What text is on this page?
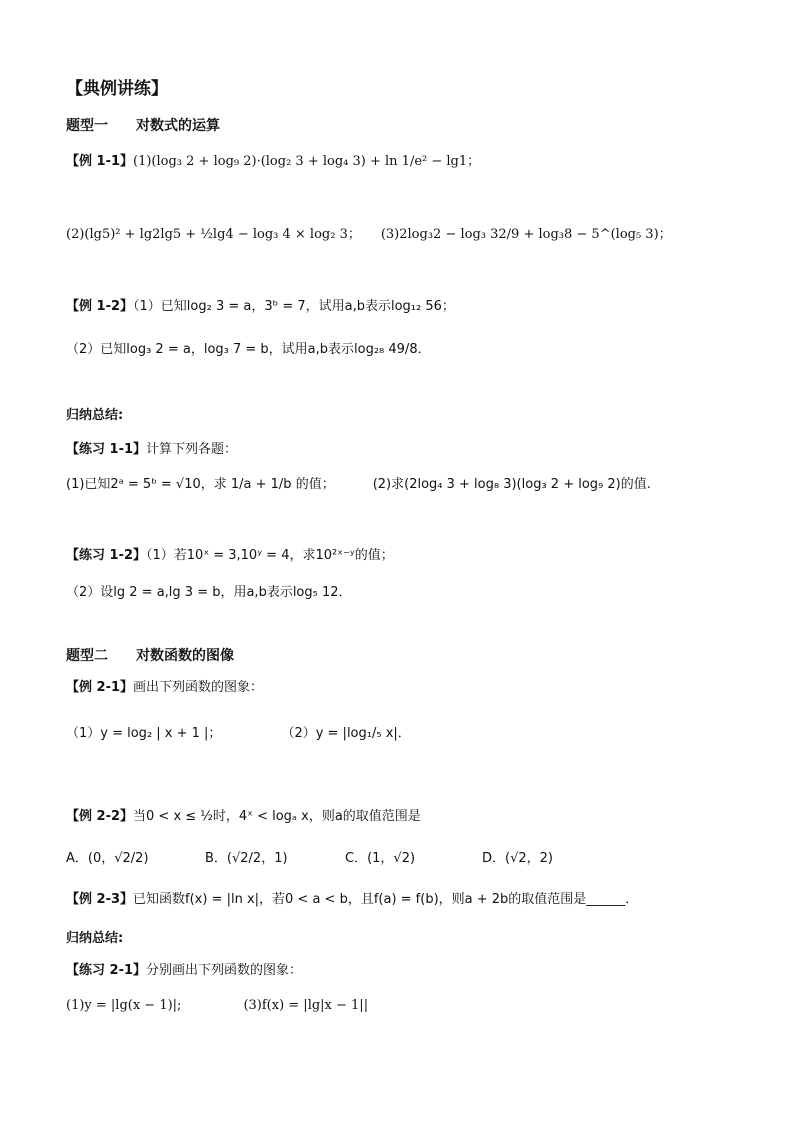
【典例讲练】
题型一　　对数式的运算
【例 1-1】(1)(log₃ 2 + log₉ 2)·(log₂ 3 + log₄ 3) + ln 1/e² − lg1；
(2)(lg5)² + lg2lg5 + ½lg4 − log₃ 4 × log₂ 3； (3)2log₃2 − log₃ 32/9 + log₃8 − 5^(log₅ 3)；
【例 1-2】（1）已知log₂ 3 = a，3ᵇ = 7，试用a,b表示log₁₂ 56；
（2）已知log₃ 2 = a，log₃ 7 = b，试用a,b表示log₂₈ 49/8．
归纳总结:
【练习 1-1】计算下列各题：
(1)已知2ᵃ = 5ᵇ = √10，求 1/a + 1/b 的值；	(2)求(2log₄ 3 + log₈ 3)(log₃ 2 + log₉ 2)的值.
【练习 1-2】（1）若10ˣ = 3,10ʸ = 4，求10²ˣ⁻ʸ的值；
（2）设lg 2 = a,lg 3 = b，用a,b表示log₅ 12．
题型二　　对数函数的图像
【例 2-1】画出下列函数的图象：
（1）y = log₂ | x + 1 |；	（2）y = |log₁/₅ x|．
【例 2-2】当0 < x ≤ ½时，4ˣ < logₐ x，则a的取值范围是
A．(0，√2/2)	B．(√2/2，1)	C．(1，√2)	D．(√2，2)
【例 2-3】已知函数f(x) = |ln x|，若0 < a < b，且f(a) = f(b)，则a + 2b的取值范围是______．
归纳总结:
【练习 2-1】分别画出下列函数的图象：
(1)y = |lg(x − 1)|;	(3)f(x) = |lg|x − 1||
